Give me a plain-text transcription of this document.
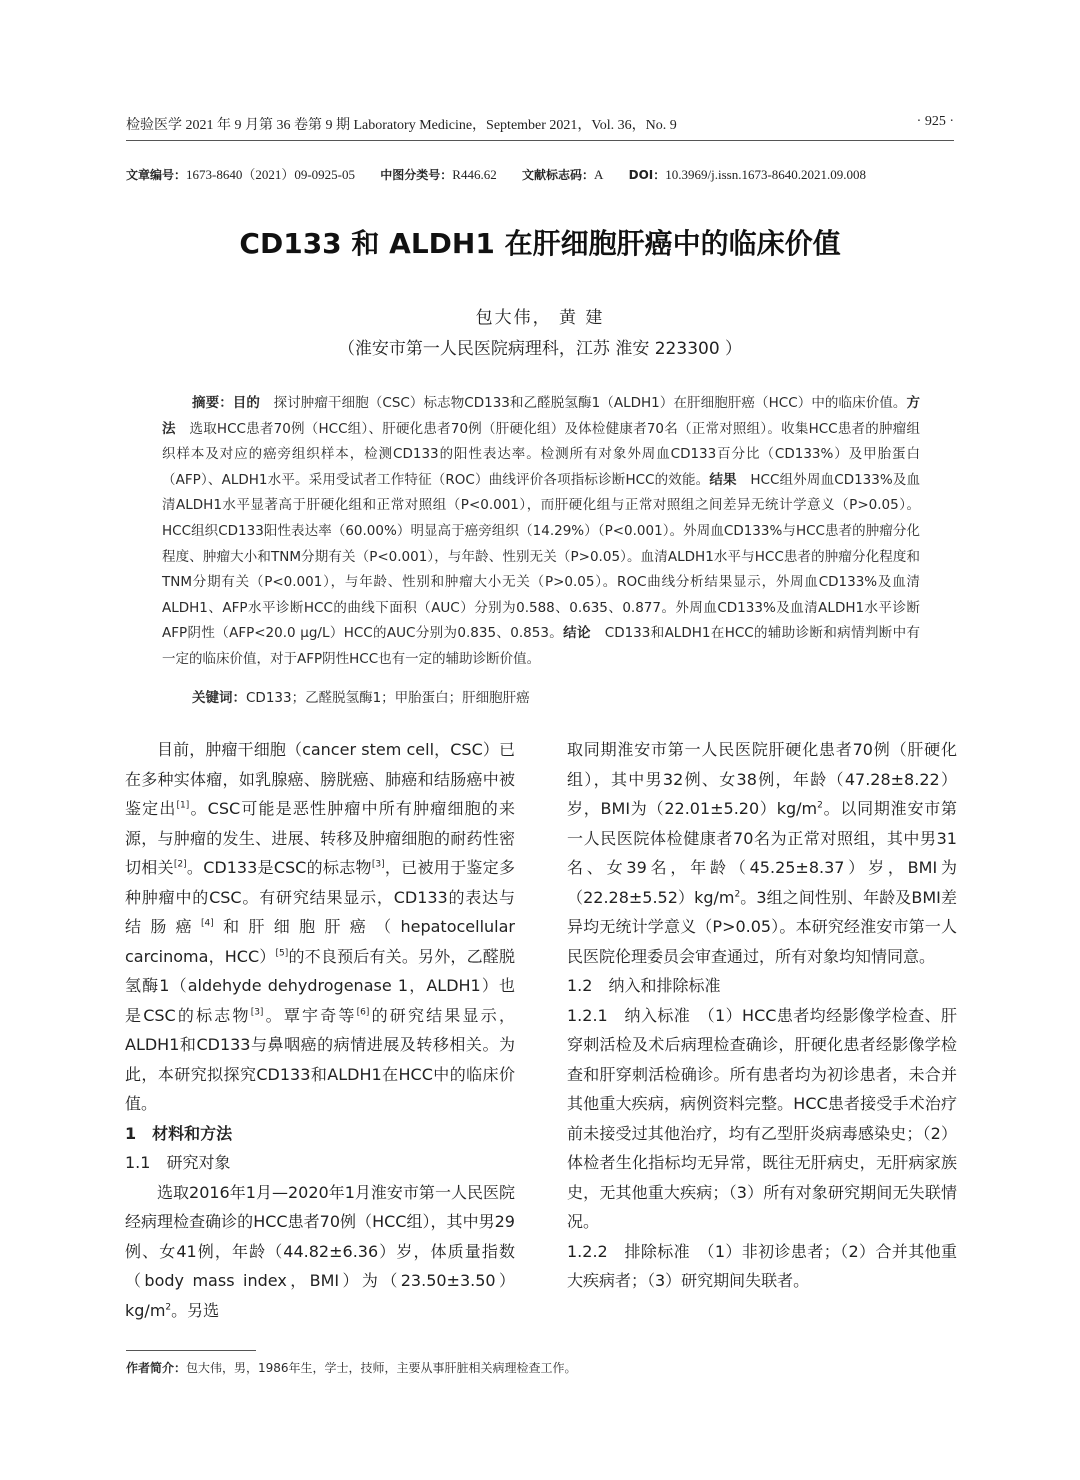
检验医学 2021 年 9 月第 36 卷第 9 期 Laboratory Medicine，September 2021，Vol. 36，No. 9	· 925 ·
文章编号：1673-8640（2021）09-0925-05 中图分类号：R446.62 文献标志码：A DOI：10.3969/j.issn.1673-8640.2021.09.008
CD133 和 ALDH1 在肝细胞肝癌中的临床价值
包大伟， 黄 建
（淮安市第一人民医院病理科，江苏 淮安 223300 ）
摘要：目的　 探讨肿瘤干细胞（CSC）标志物CD133和乙醛脱氢酶1（ALDH1）在肝细胞肝癌（HCC）中的临床价值。方法　 选取HCC患者70例（HCC组）、肝硬化患者70例（肝硬化组）及体检健康者70名（正常对照组）。收集HCC患者的肿瘤组织样本及对应的癌旁组织样本，检测CD133的阳性表达率。检测所有对象外周血CD133百分比（CD133%）及甲胎蛋白（AFP）、ALDH1水平。采用受试者工作特征（ROC）曲线评价各项指标诊断HCC的效能。结果　 HCC组外周血CD133%及血清ALDH1水平显著高于肝硬化组和正常对照组（P<0.001），而肝硬化组与正常对照组之间差异无统计学意义（P>0.05）。HCC组织CD133阳性表达率（60.00%）明显高于癌旁组织（14.29%）（P<0.001）。外周血CD133%与HCC患者的肿瘤分化程度、肿瘤大小和TNM分期有关（P<0.001），与年龄、性别无关（P>0.05）。血清ALDH1水平与HCC患者的肿瘤分化程度和TNM分期有关（P<0.001），与年龄、性别和肿瘤大小无关（P>0.05）。ROC曲线分析结果显示，外周血CD133%及血清ALDH1、AFP水平诊断HCC的曲线下面积（AUC）分别为0.588、0.635、0.877。外周血CD133%及血清ALDH1水平诊断AFP阴性（AFP<20.0 μg/L）HCC的AUC分别为0.835、0.853。结论　 CD133和ALDH1在HCC的辅助诊断和病情判断中有一定的临床价值，对于AFP阴性HCC也有一定的辅助诊断价值。
关键词：CD133；乙醛脱氢酶1；甲胎蛋白；肝细胞肝癌

目前，肿瘤干细胞（cancer stem cell，CSC）已在多种实体瘤，如乳腺癌、膀胱癌、肺癌和结肠癌中被鉴定出[1]。CSC可能是恶性肿瘤中所有肿瘤细胞的来源，与肿瘤的发生、进展、转移及肿瘤细胞的耐药性密切相关[2]。CD133是CSC的标志物[3]，已被用于鉴定多种肿瘤中的CSC。有研究结果显示，CD133的表达与结肠癌[4]和肝细胞肝癌（hepatocellular carcinoma，HCC）[5]的不良预后有关。另外，乙醛脱氢酶1（aldehyde dehydrogenase 1，ALDH1）也是CSC的标志物[3]。覃宇奇等[6]的研究结果显示，ALDH1和CD133与鼻咽癌的病情进展及转移相关。为此，本研究拟探究CD133和ALDH1在HCC中的临床价值。

1　材料和方法

1.1　研究对象

选取2016年1月—2020年1月淮安市第一人民医院经病理检查确诊的HCC患者70例（HCC组），其中男29例、女41例，年龄（44.82±6.36）岁，体质量指数（body mass index，BMI）为$(23.50\pm 3.50)kg/m^2$。另选

取同期淮安市第一人民医院肝硬化患者70例（肝硬化组），其中男32例、女38例，年龄（47.28±8.22）岁，BMI为$(22.01\pm 5.20)kg/m^2$。以同期淮安市第一人民医院体检健康者70名为正常对照组，其中男31名、女39名，年龄（45.25±8.37）岁，BMI为$(22.28\pm 5.52)kg/m^2$。3组之间性别、年龄及BMI差异均无统计学意义（P>0.05）。本研究经淮安市第一人民医院伦理委员会审查通过，所有对象均知情同意。

1.2　纳入和排除标准

1.2.1　纳入标准　（1）HCC患者均经影像学检查、肝穿刺活检及术后病理检查确诊，肝硬化患者经影像学检查和肝穿刺活检确诊。所有患者均为初诊患者，未合并其他重大疾病，病例资料完整。HCC患者接受手术治疗前未接受过其他治疗，均有乙型肝炎病毒感染史；（2）体检者生化指标均无异常，既往无肝病史，无肝病家族史，无其他重大疾病；（3）所有对象研究期间无失联情况。

1.2.2　排除标准　（1）非初诊患者；（2）合并其他重大疾病者；（3）研究期间失联者。

作者简介：包大伟，男，1986年生，学士，技师，主要从事肝脏相关病理检查工作。
